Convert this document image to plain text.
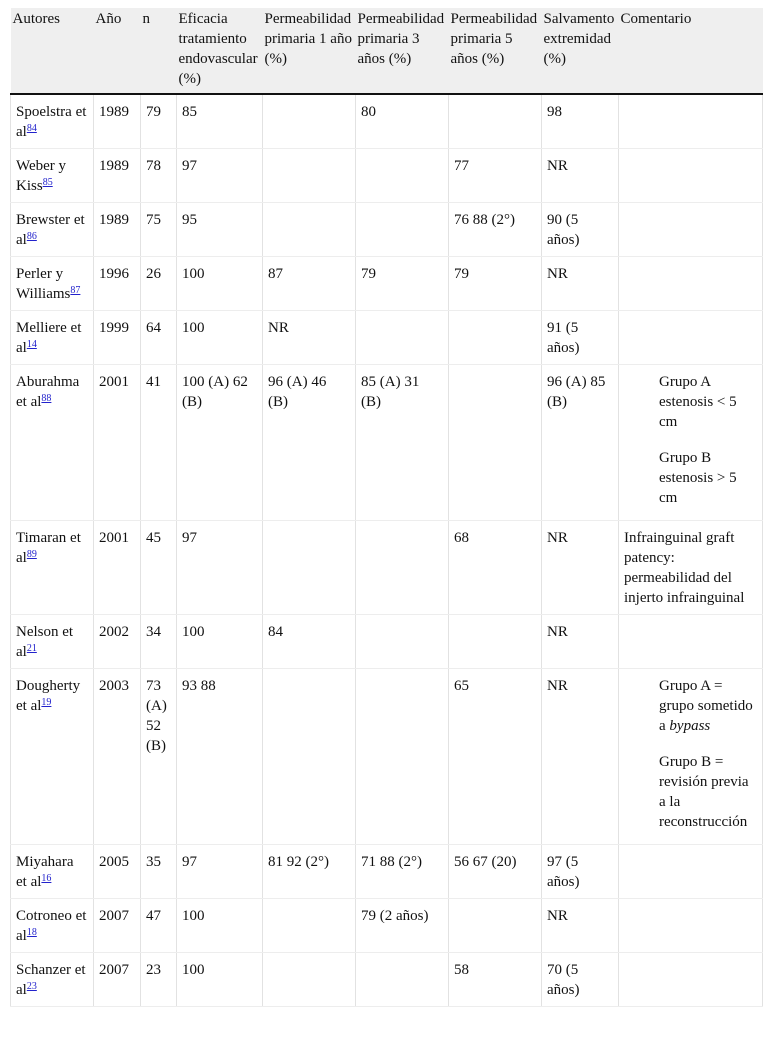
Autores	Año	n	Eficacia tratamiento endovascular (%)	Permeabilidad primaria 1 año (%)	Permeabilidad primaria 3 años (%)	Permeabilidad primaria 5 años (%)	Salvamento extremidad (%)	Comentario
Spoelstra et al$^{84}$	1989	79	85		80		98	
Weber y Kiss$^{85}$	1989	78	97			77	NR	
Brewster et al$^{86}$	1989	75	95			76 88 (2°)	90 (5 años)	
Perler y Williams$^{87}$	1996	26	100	87	79	79	NR	
Melliere et al$^{14}$	1999	64	100	NR			91 (5 años)	
Aburahma et al$^{88}$	2001	41	100 (A) 62 (B)	96 (A) 46 (B)	85 (A) 31 (B)		96 (A) 85 (B)	Grupo A estenosis < 5 cm

Grupo B estenosis > 5 cm

Timaran et al$^{89}$	2001	45	97			68	NR	Infrainguinal graft patency: permeabilidad del injerto infrainguinal
Nelson et al$^{21}$	2002	34	100	84			NR	
Dougherty et al$^{19}$	2003	73 (A) 52 (B)	93 88			65	NR	Grupo A = grupo sometido a bypass

Grupo B = revisión previa a la reconstrucción

Miyahara et al$^{16}$	2005	35	97	81 92 (2°)	71 88 (2°)	56 67 (20)	97 (5 años)	
Cotroneo et al$^{18}$	2007	47	100		79 (2 años)		NR	
Schanzer et al$^{23}$	2007	23	100			58	70 (5 años)	
